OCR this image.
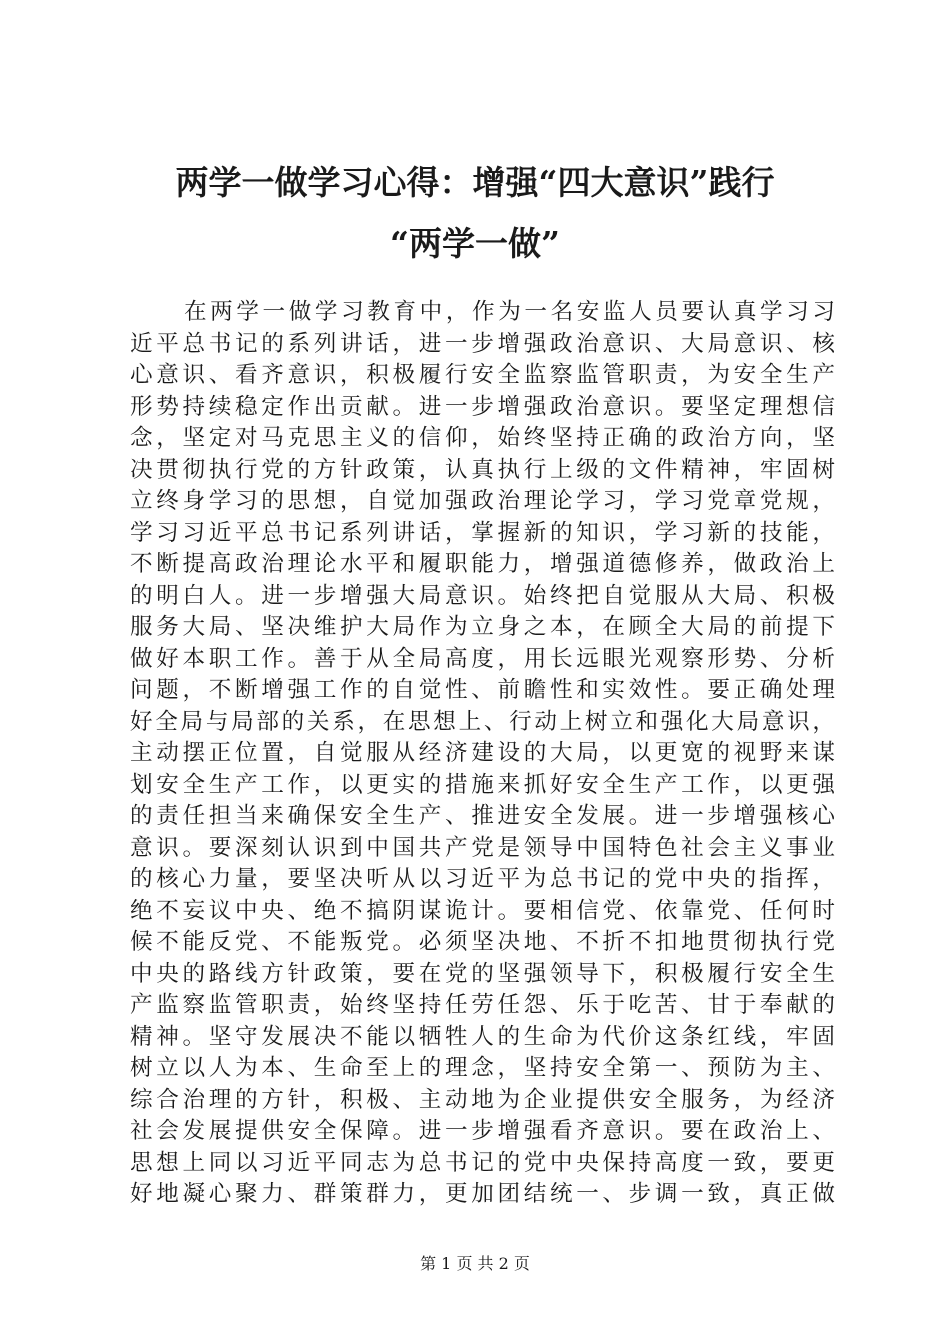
两学一做学习心得：增强“四大意识”践行
“两学一做”
在两学一做学习教育中，作为一名安监人员要认真学习习
近平总书记的系列讲话，进一步增强政治意识、大局意识、核
心意识、看齐意识，积极履行安全监察监管职责，为安全生产
形势持续稳定作出贡献。进一步增强政治意识。要坚定理想信
念，坚定对马克思主义的信仰，始终坚持正确的政治方向，坚
决贯彻执行党的方针政策，认真执行上级的文件精神，牢固树
立终身学习的思想，自觉加强政治理论学习，学习党章党规，
学习习近平总书记系列讲话，掌握新的知识，学习新的技能，
不断提高政治理论水平和履职能力，增强道德修养，做政治上
的明白人。进一步增强大局意识。始终把自觉服从大局、积极
服务大局、坚决维护大局作为立身之本，在顾全大局的前提下
做好本职工作。善于从全局高度，用长远眼光观察形势、分析
问题，不断增强工作的自觉性、前瞻性和实效性。要正确处理
好全局与局部的关系，在思想上、行动上树立和强化大局意识，
主动摆正位置，自觉服从经济建设的大局，以更宽的视野来谋
划安全生产工作，以更实的措施来抓好安全生产工作，以更强
的责任担当来确保安全生产、推进安全发展。进一步增强核心
意识。要深刻认识到中国共产党是领导中国特色社会主义事业
的核心力量，要坚决听从以习近平为总书记的党中央的指挥，
绝不妄议中央、绝不搞阴谋诡计。要相信党、依靠党、任何时
候不能反党、不能叛党。必须坚决地、不折不扣地贯彻执行党
中央的路线方针政策，要在党的坚强领导下，积极履行安全生
产监察监管职责，始终坚持任劳任怨、乐于吃苦、甘于奉献的
精神。坚守发展决不能以牺牲人的生命为代价这条红线，牢固
树立以人为本、生命至上的理念，坚持安全第一、预防为主、
综合治理的方针，积极、主动地为企业提供安全服务，为经济
社会发展提供安全保障。进一步增强看齐意识。要在政治上、
思想上同以习近平同志为总书记的党中央保持高度一致，要更
好地凝心聚力、群策群力，更加团结统一、步调一致，真正做
第 1 页 共 2 页
